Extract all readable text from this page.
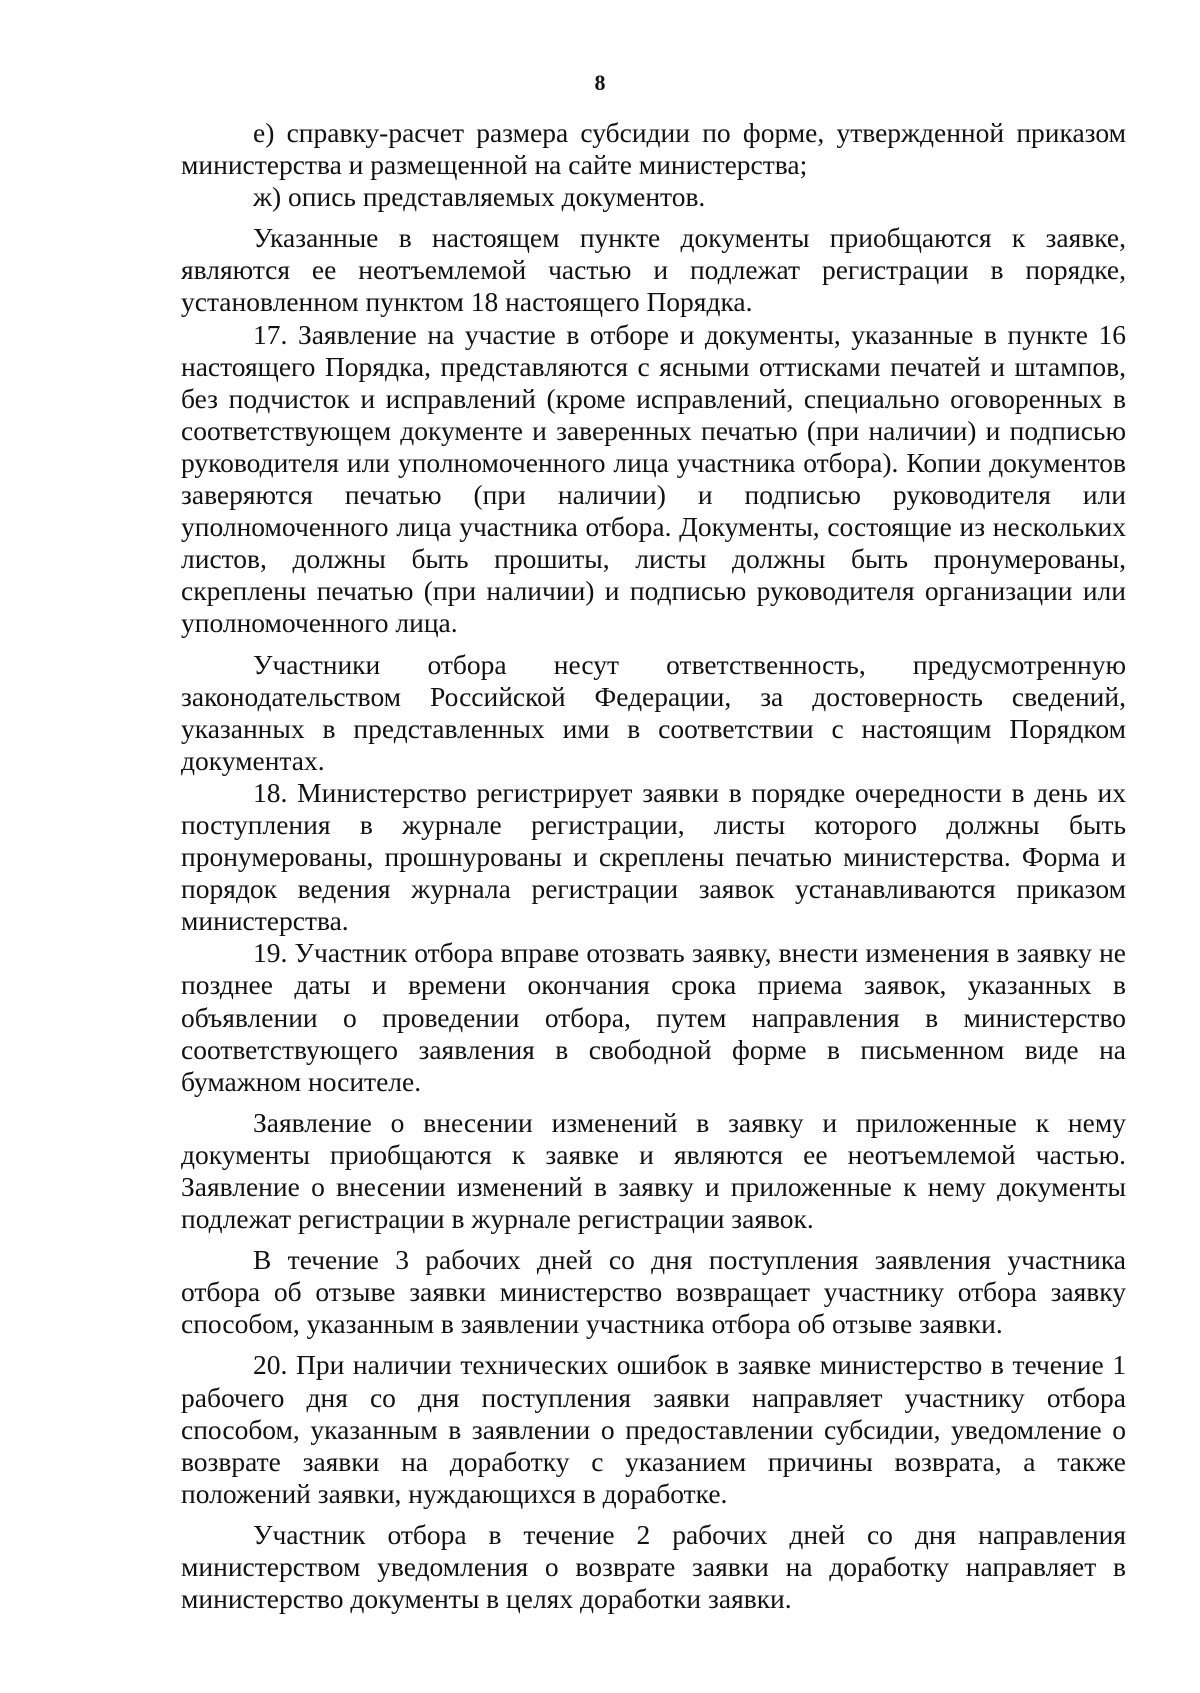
8

е) справку-расчет размера субсидии по форме, утвержденной приказом министерства и размещенной на сайте министерства;

ж) опись представляемых документов.

Указанные в настоящем пункте документы приобщаются к заявке, являются ее неотъемлемой частью и подлежат регистрации в порядке, установленном пунктом 18 настоящего Порядка.

17. Заявление на участие в отборе и документы, указанные в пункте 16 настоящего Порядка, представляются с ясными оттисками печатей и штампов, без подчисток и исправлений (кроме исправлений, специально оговоренных в соответствующем документе и заверенных печатью (при наличии) и подписью руководителя или уполномоченного лица участника отбора). Копии документов заверяются печатью (при наличии) и подписью руководителя или уполномоченного лица участника отбора. Документы, состоящие из нескольких листов, должны быть прошиты, листы должны быть пронумерованы, скреплены печатью (при наличии) и подписью руководителя организации или уполномоченного лица.

Участники отбора несут ответственность, предусмотренную законодательством Российской Федерации, за достоверность сведений, указанных в представленных ими в соответствии с настоящим Порядком документах.

18. Министерство регистрирует заявки в порядке очередности в день их поступления в журнале регистрации, листы которого должны быть пронумерованы, прошнурованы и скреплены печатью министерства. Форма и порядок ведения журнала регистрации заявок устанавливаются приказом министерства.

19. Участник отбора вправе отозвать заявку, внести изменения в заявку не позднее даты и времени окончания срока приема заявок, указанных в объявлении о проведении отбора, путем направления в министерство соответствующего заявления в свободной форме в письменном виде на бумажном носителе.

Заявление о внесении изменений в заявку и приложенные к нему документы приобщаются к заявке и являются ее неотъемлемой частью. Заявление о внесении изменений в заявку и приложенные к нему документы подлежат регистрации в журнале регистрации заявок.

В течение 3 рабочих дней со дня поступления заявления участника отбора об отзыве заявки министерство возвращает участнику отбора заявку способом, указанным в заявлении участника отбора об отзыве заявки.

20. При наличии технических ошибок в заявке министерство в течение 1 рабочего дня со дня поступления заявки направляет участнику отбора способом, указанным в заявлении о предоставлении субсидии, уведомление о возврате заявки на доработку с указанием причины возврата, а также положений заявки, нуждающихся в доработке.

Участник отбора в течение 2 рабочих дней со дня направления министерством уведомления о возврате заявки на доработку направляет в министерство документы в целях доработки заявки.
